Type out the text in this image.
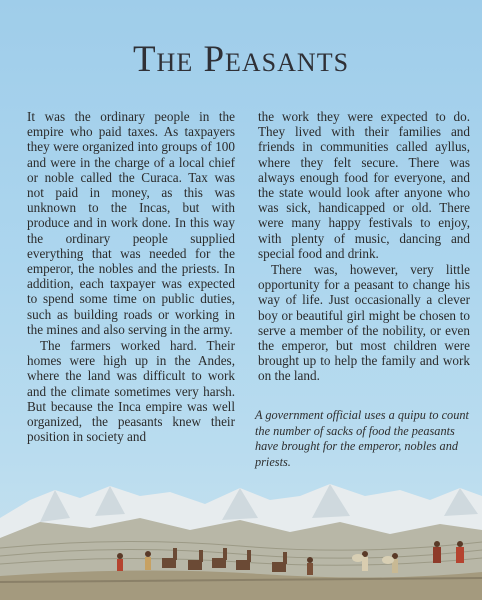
The Peasants

It was the ordinary people in the empire who paid taxes. As taxpayers they were organized into groups of 100 and were in the charge of a local chief or noble called the Curaca. Tax was not paid in money, as this was unknown to the Incas, but with produce and in work done. In this way the ordinary people supplied everything that was needed for the emperor, the nobles and the priests. In addition, each taxpayer was expected to spend some time on public duties, such as building roads or working in the mines and also serving in the army.

The farmers worked hard. Their homes were high up in the Andes, where the land was difficult to work and the climate sometimes very harsh. But because the Inca empire was well organized, the peasants knew their position in society and

the work they were expected to do. They lived with their families and friends in communities called ayllus, where they felt secure. There was always enough food for everyone, and the state would look after anyone who was sick, handicapped or old. There were many happy festivals to enjoy, with plenty of music, dancing and special food and drink.

There was, however, very little opportunity for a peasant to change his way of life. Just occasionally a clever boy or beautiful girl might be chosen to serve a member of the nobility, or even the emperor, but most children were brought up to help the family and work on the land.

A government official uses a quipu to count the number of sacks of food the peasants have brought for the emperor, nobles and priests.
